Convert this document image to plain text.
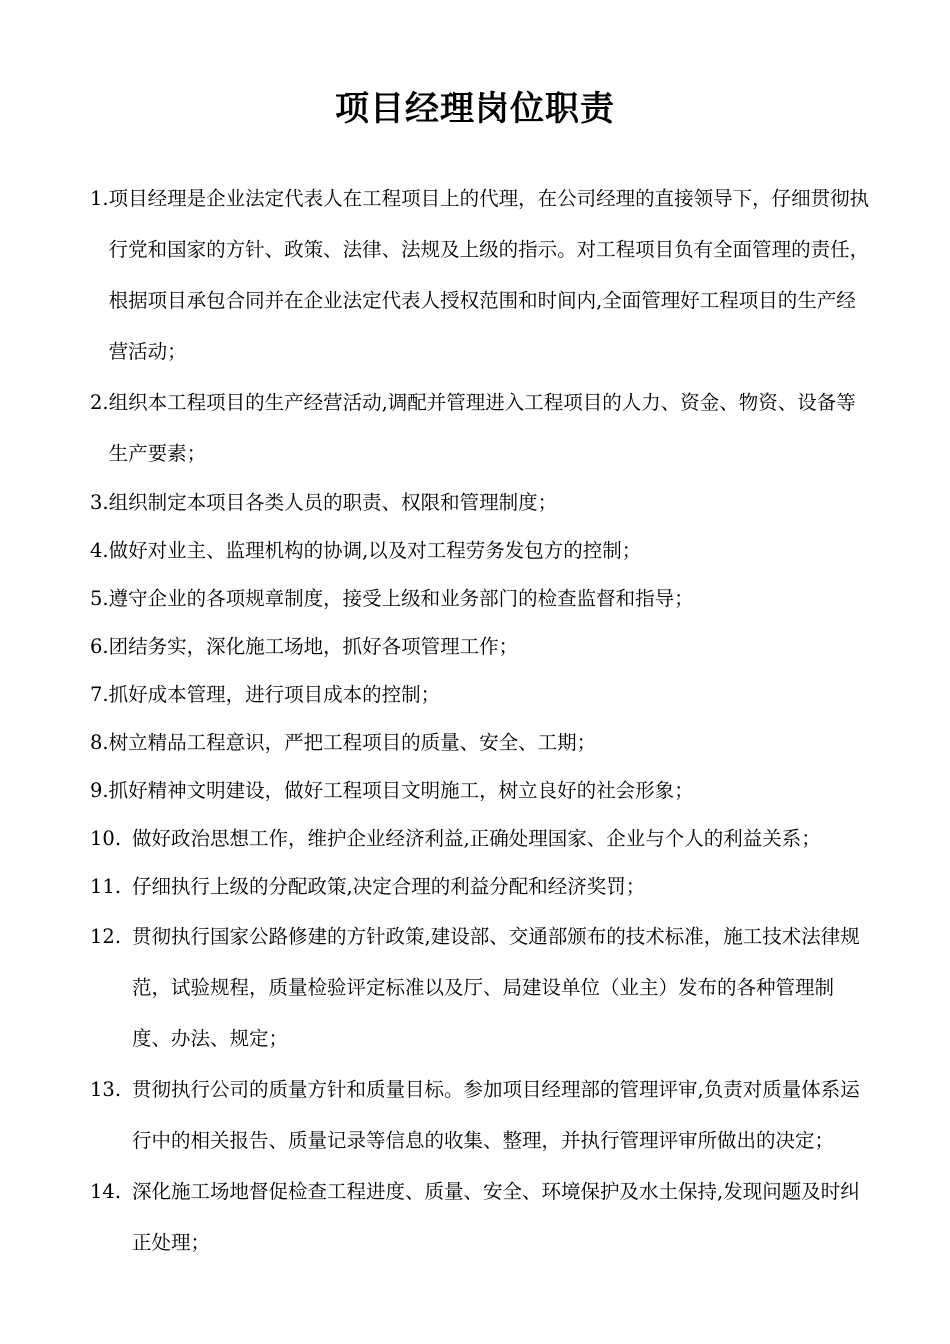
项目经理岗位职责
1. 项目经理是企业法定代表人在工程项目上的代理，在公司经理的直接领导下，仔细贯彻执行党和国家的方针、政策、法律、法规及上级的指示。对工程项目负有全面管理的责任，根据项目承包合同并在企业法定代表人授权范围和时间内,全面管理好工程项目的生产经营活动；
2. 组织本工程项目的生产经营活动,调配并管理进入工程项目的人力、资金、物资、设备等生产要素；
3. 组织制定本项目各类人员的职责、权限和管理制度；
4. 做好对业主、监理机构的协调,以及对工程劳务发包方的控制；
5. 遵守企业的各项规章制度，接受上级和业务部门的检查监督和指导；
6. 团结务实，深化施工场地，抓好各项管理工作；
7. 抓好成本管理，进行项目成本的控制；
8. 树立精品工程意识，严把工程项目的质量、安全、工期；
9. 抓好精神文明建设，做好工程项目文明施工，树立良好的社会形象；
10. 做好政治思想工作，维护企业经济利益,正确处理国家、企业与个人的利益关系；
11. 仔细执行上级的分配政策,决定合理的利益分配和经济奖罚；
12. 贯彻执行国家公路修建的方针政策,建设部、交通部颁布的技术标准，施工技术法律规范，试验规程，质量检验评定标准以及厅、局建设单位（业主）发布的各种管理制度、办法、规定；
13. 贯彻执行公司的质量方针和质量目标。参加项目经理部的管理评审,负责对质量体系运行中的相关报告、质量记录等信息的收集、整理，并执行管理评审所做出的决定；
14. 深化施工场地督促检查工程进度、质量、安全、环境保护及水土保持,发现问题及时纠正处理；
